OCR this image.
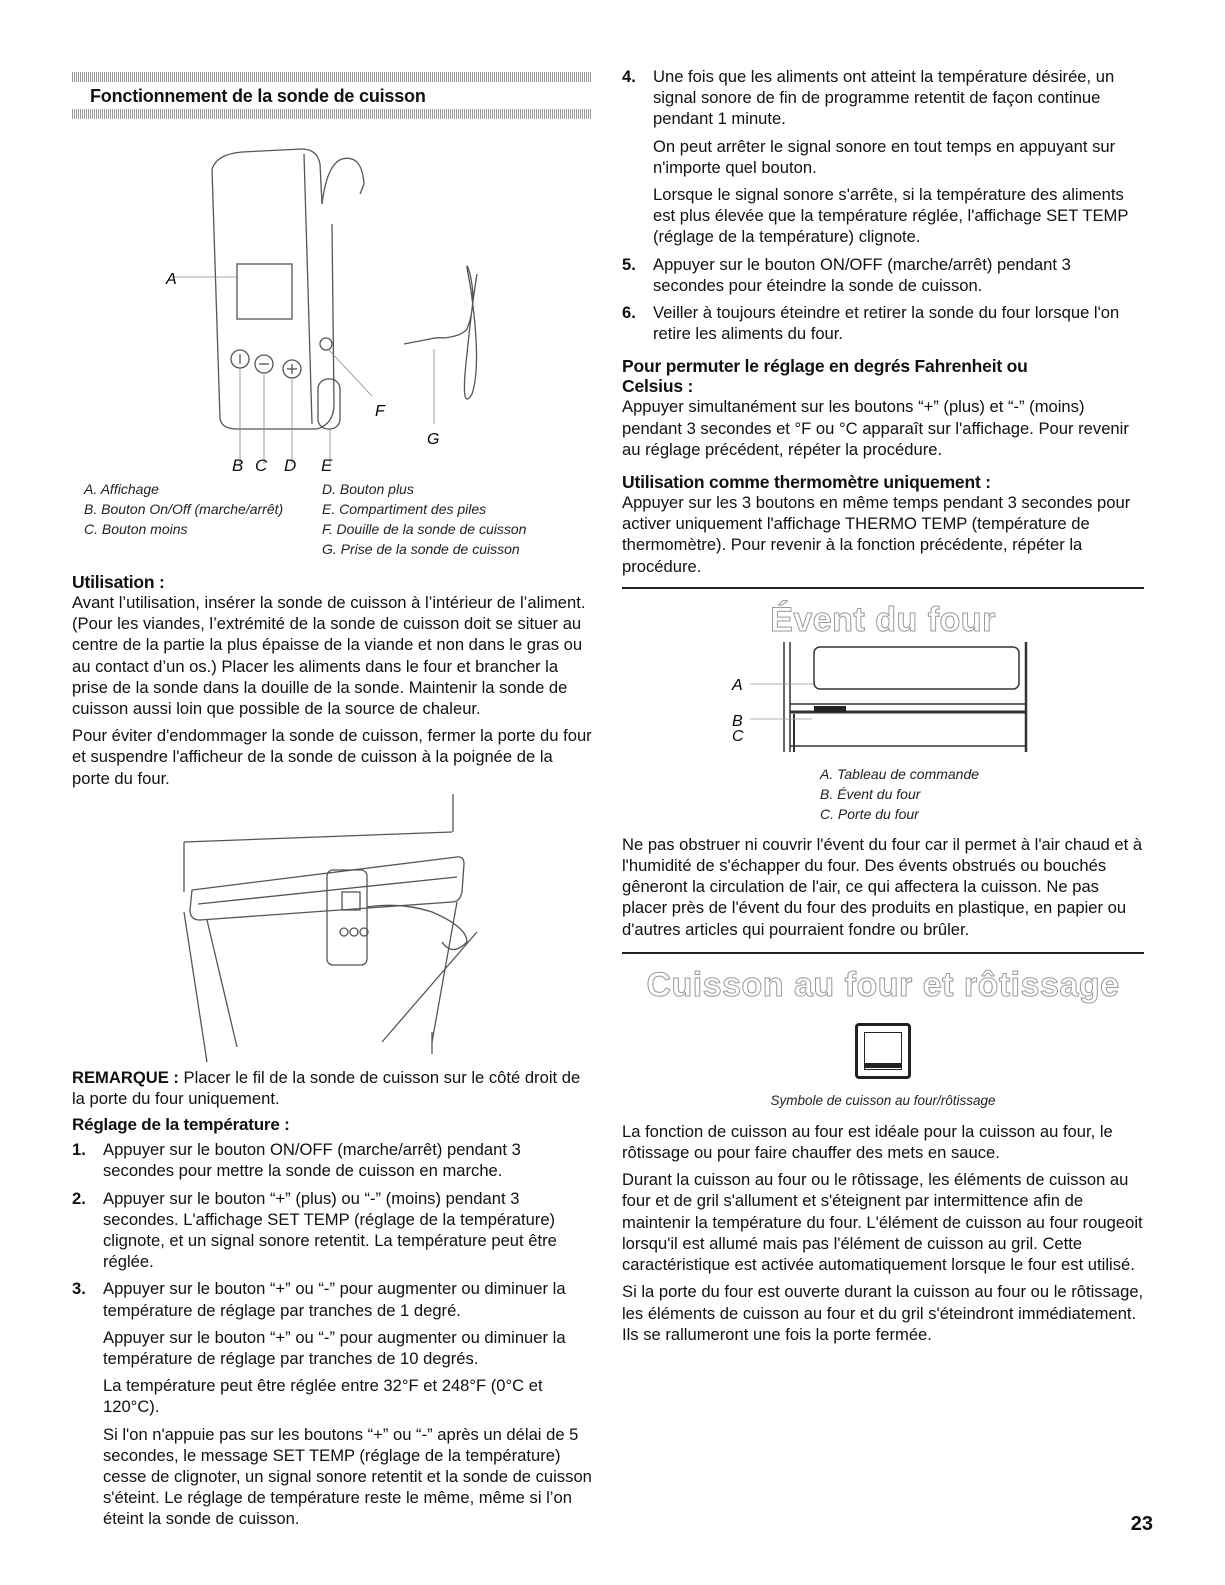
Fonctionnement de la sonde de cuisson
A
F
G
B C D E
A. Affichage
B. Bouton On/Off (marche/arrêt)
C. Bouton moins
D. Bouton plus
E. Compartiment des piles
F. Douille de la sonde de cuisson
G. Prise de la sonde de cuisson
Utilisation :
Avant l’utilisation, insérer la sonde de cuisson à l’intérieur de l’aliment. (Pour les viandes, l’extrémité de la sonde de cuisson doit se situer au centre de la partie la plus épaisse de la viande et non dans le gras ou au contact d’un os.) Placer les aliments dans le four et brancher la prise de la sonde dans la douille de la sonde. Maintenir la sonde de cuisson aussi loin que possible de la source de chaleur.
Pour éviter d'endommager la sonde de cuisson, fermer la porte du four et suspendre l'afficheur de la sonde de cuisson à la poignée de la porte du four.
REMARQUE : Placer le fil de la sonde de cuisson sur le côté droit de la porte du four uniquement.
Réglage de la température :
1. Appuyer sur le bouton ON/OFF (marche/arrêt) pendant 3 secondes pour mettre la sonde de cuisson en marche.
2. Appuyer sur le bouton “+” (plus) ou “-” (moins) pendant 3 secondes. L'affichage SET TEMP (réglage de la température) clignote, et un signal sonore retentit. La température peut être réglée.
3. Appuyer sur le bouton “+” ou “-” pour augmenter ou diminuer la température de réglage par tranches de 1 degré.
Appuyer sur le bouton “+” ou “-” pour augmenter ou diminuer la température de réglage par tranches de 10 degrés.
La température peut être réglée entre 32°F et 248°F (0°C et 120°C).
Si l'on n'appuie pas sur les boutons “+” ou “-” après un délai de 5 secondes, le message SET TEMP (réglage de la température) cesse de clignoter, un signal sonore retentit et la sonde de cuisson s'éteint. Le réglage de température reste le même, même si l’on éteint la sonde de cuisson.
4. Une fois que les aliments ont atteint la température désirée, un signal sonore de fin de programme retentit de façon continue pendant 1 minute.
On peut arrêter le signal sonore en tout temps en appuyant sur n'importe quel bouton.
Lorsque le signal sonore s'arrête, si la température des aliments est plus élevée que la température réglée, l'affichage SET TEMP (réglage de la température) clignote.
5. Appuyer sur le bouton ON/OFF (marche/arrêt) pendant 3 secondes pour éteindre la sonde de cuisson.
6. Veiller à toujours éteindre et retirer la sonde du four lorsque l'on retire les aliments du four.
Pour permuter le réglage en degrés Fahrenheit ou Celsius :
Appuyer simultanément sur les boutons “+” (plus) et “-” (moins) pendant 3 secondes et °F ou °C apparaît sur l'affichage. Pour revenir au réglage précédent, répéter la procédure.
Utilisation comme thermomètre uniquement :
Appuyer sur les 3 boutons en même temps pendant 3 secondes pour activer uniquement l'affichage THERMO TEMP (température de thermomètre). Pour revenir à la fonction précédente, répéter la procédure.
Évent du four
A
B
C
A. Tableau de commande
B. Évent du four
C. Porte du four
Ne pas obstruer ni couvrir l'évent du four car il permet à l'air chaud et à l'humidité de s'échapper du four. Des évents obstrués ou bouchés gêneront la circulation de l'air, ce qui affectera la cuisson. Ne pas placer près de l'évent du four des produits en plastique, en papier ou d'autres articles qui pourraient fondre ou brûler.
Cuisson au four et rôtissage
Symbole de cuisson au four/rôtissage
La fonction de cuisson au four est idéale pour la cuisson au four, le rôtissage ou pour faire chauffer des mets en sauce.
Durant la cuisson au four ou le rôtissage, les éléments de cuisson au four et de gril s'allument et s'éteignent par intermittence afin de maintenir la température du four. L'élément de cuisson au four rougeoit lorsqu'il est allumé mais pas l'élément de cuisson au gril. Cette caractéristique est activée automatiquement lorsque le four est utilisé.
Si la porte du four est ouverte durant la cuisson au four ou le rôtissage, les éléments de cuisson au four et du gril s'éteindront immédiatement. Ils se rallumeront une fois la porte fermée.
23
